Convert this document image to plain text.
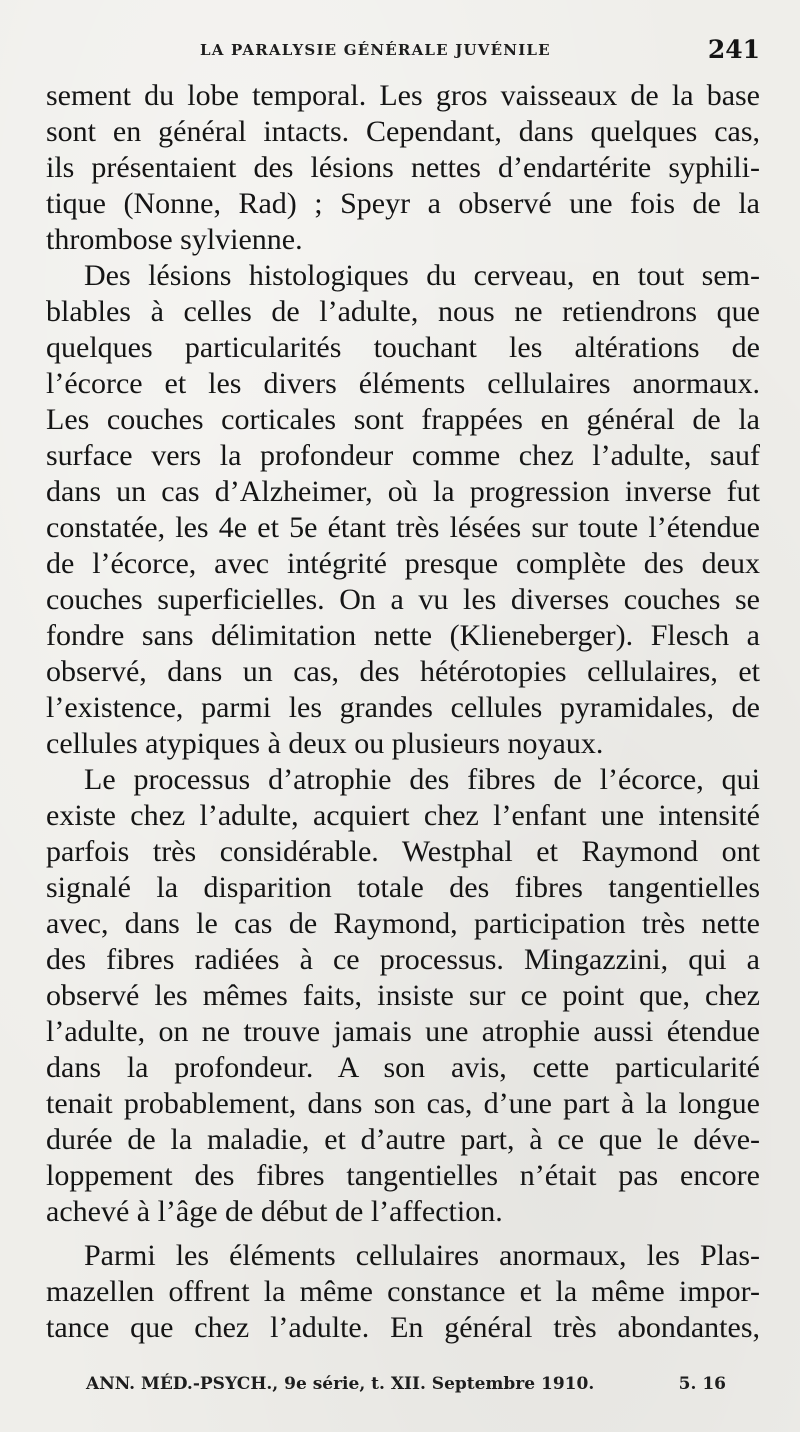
LA PARALYSIE GÉNÉRALE JUVÉNILE	241
sement du lobe temporal. Les gros vaisseaux de la base
sont en général intacts. Cependant, dans quelques cas,
ils présentaient des lésions nettes d’endartérite syphili-
tique (Nonne, Rad) ; Speyr a observé une fois de la
thrombose sylvienne.
Des lésions histologiques du cerveau, en tout sem-
blables à celles de l’adulte, nous ne retiendrons que
quelques particularités touchant les altérations de
l’écorce et les divers éléments cellulaires anormaux.
Les couches corticales sont frappées en général de la
surface vers la profondeur comme chez l’adulte, sauf
dans un cas d’Alzheimer, où la progression inverse fut
constatée, les 4e et 5e étant très lésées sur toute l’étendue
de l’écorce, avec intégrité presque complète des deux
couches superficielles. On a vu les diverses couches se
fondre sans délimitation nette (Klieneberger). Flesch a
observé, dans un cas, des hétérotopies cellulaires, et
l’existence, parmi les grandes cellules pyramidales, de
cellules atypiques à deux ou plusieurs noyaux.
Le processus d’atrophie des fibres de l’écorce, qui
existe chez l’adulte, acquiert chez l’enfant une intensité
parfois très considérable. Westphal et Raymond ont
signalé la disparition totale des fibres tangentielles
avec, dans le cas de Raymond, participation très nette
des fibres radiées à ce processus. Mingazzini, qui a
observé les mêmes faits, insiste sur ce point que, chez
l’adulte, on ne trouve jamais une atrophie aussi étendue
dans la profondeur. A son avis, cette particularité
tenait probablement, dans son cas, d’une part à la longue
durée de la maladie, et d’autre part, à ce que le déve-
loppement des fibres tangentielles n’était pas encore
achevé à l’âge de début de l’affection.
Parmi les éléments cellulaires anormaux, les Plas-
mazellen offrent la même constance et la même impor-
tance que chez l’adulte. En général très abondantes,
ANN. MÉD.-PSYCH., 9e série, t. XII. Septembre 1910.	5. 16
